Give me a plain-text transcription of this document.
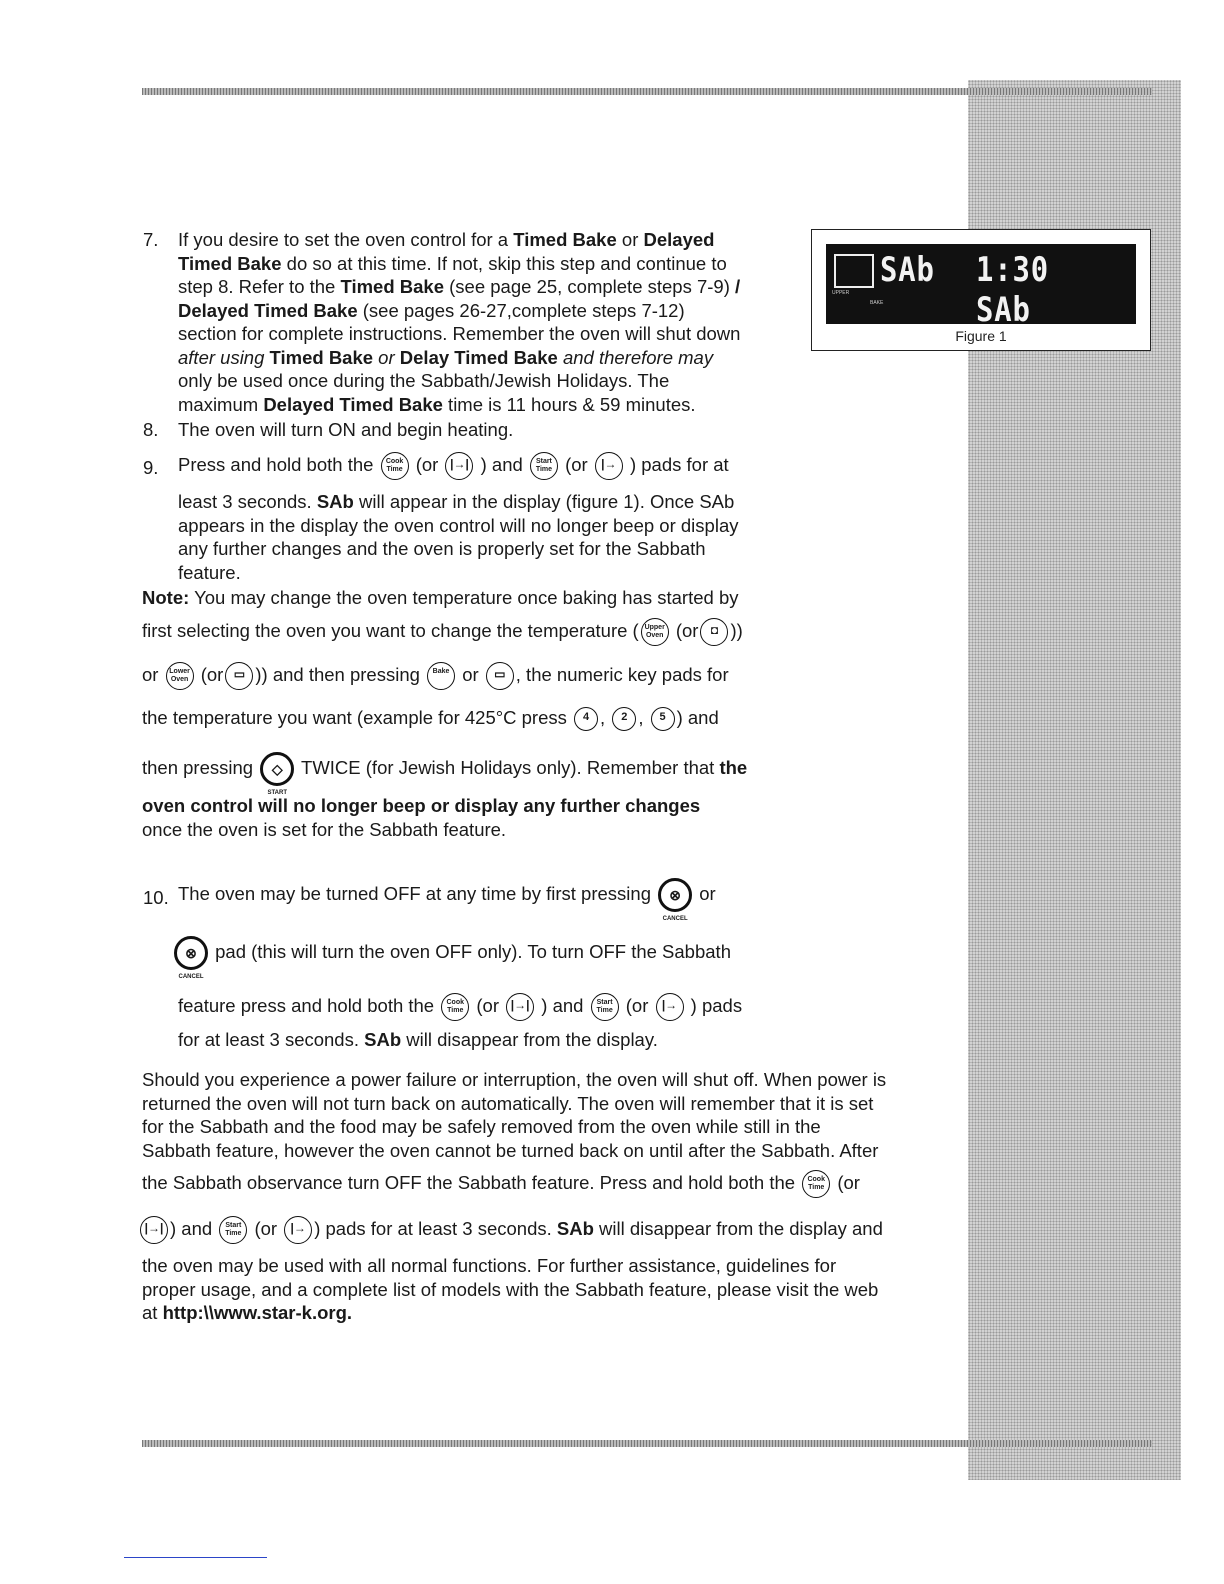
SAb 1:30 SAb
UPPER
BAKE
Figure 1
7. If you desire to set the oven control for a Timed Bake or Delayed
Timed Bake do so at this time. If not, skip this step and continue to
step 8. Refer to the Timed Bake (see page 25, complete steps 7-9) /
Delayed Timed Bake (see pages 26-27,complete steps 7-12)
section for complete instructions. Remember the oven will shut down
after using Timed Bake or Delay Timed Bake and therefore may
only be used once during the Sabbath/Jewish Holidays. The
maximum Delayed Timed Bake time is 11 hours & 59 minutes.
8. The oven will turn ON and begin heating.
9. Press and hold both the Cook Time (or |→| ) and Start Time (or |→ ) pads for at
least 3 seconds. SAb will appear in the display (figure 1). Once SAb
appears in the display the oven control will no longer beep or display
any further changes and the oven is properly set for the Sabbath
feature.
Note: You may change the oven temperature once baking has started by
first selecting the oven you want to change the temperature ( Upper Oven (or ◘ ))
or Lower Oven (or ▭ )) and then pressing Bake or ▭ , the numeric key pads for
the temperature you want (example for 425°C press 4 , 2 , 5 ) and
then pressing ◇
START
TWICE (for Jewish Holidays only). Remember that the
oven control will no longer beep or display any further changes
once the oven is set for the Sabbath feature.
10. The oven may be turned OFF at any time by first pressing ⊗
CANCEL
or
⊗
CANCEL
pad (this will turn the oven OFF only). To turn OFF the Sabbath
feature press and hold both the Cook Time (or |→| ) and Start Time (or |→ ) pads
for at least 3 seconds. SAb will disappear from the display.
Should you experience a power failure or interruption, the oven will shut off. When power is
returned the oven will not turn back on automatically. The oven will remember that it is set
for the Sabbath and the food may be safely removed from the oven while still in the
Sabbath feature, however the oven cannot be turned back on until after the Sabbath. After
the Sabbath observance turn OFF the Sabbath feature. Press and hold both the Cook Time (or
|→| ) and Start Time (or |→ ) pads for at least 3 seconds. SAb will disappear from the display and
the oven may be used with all normal functions. For further assistance, guidelines for
proper usage, and a complete list of models with the Sabbath feature, please visit the web
at http:\\www.star-k.org.
